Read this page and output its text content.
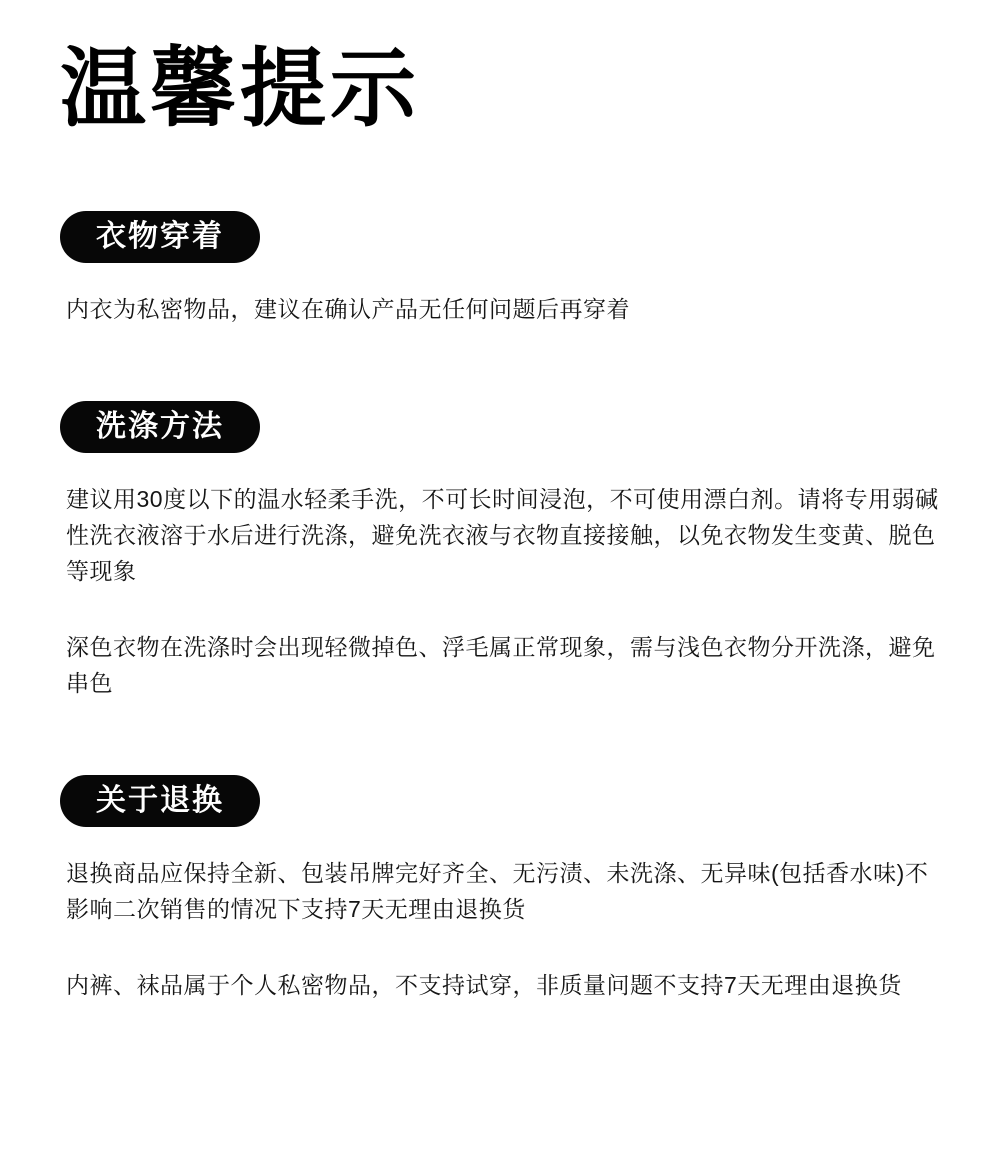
温馨提示
衣物穿着

内衣为私密物品，建议在确认产品无任何问题后再穿着

洗涤方法

建议用30度以下的温水轻柔手洗，不可长时间浸泡，不可使用漂白剂。请将专用弱碱性洗衣液溶于水后进行洗涤，避免洗衣液与衣物直接接触，以免衣物发生变黄、脱色等现象

深色衣物在洗涤时会出现轻微掉色、浮毛属正常现象，需与浅色衣物分开洗涤，避免串色

关于退换

退换商品应保持全新、包装吊牌完好齐全、无污渍、未洗涤、无异味(包括香水味)不影响二次销售的情况下支持7天无理由退换货

内裤、袜品属于个人私密物品，不支持试穿，非质量问题不支持7天无理由退换货
